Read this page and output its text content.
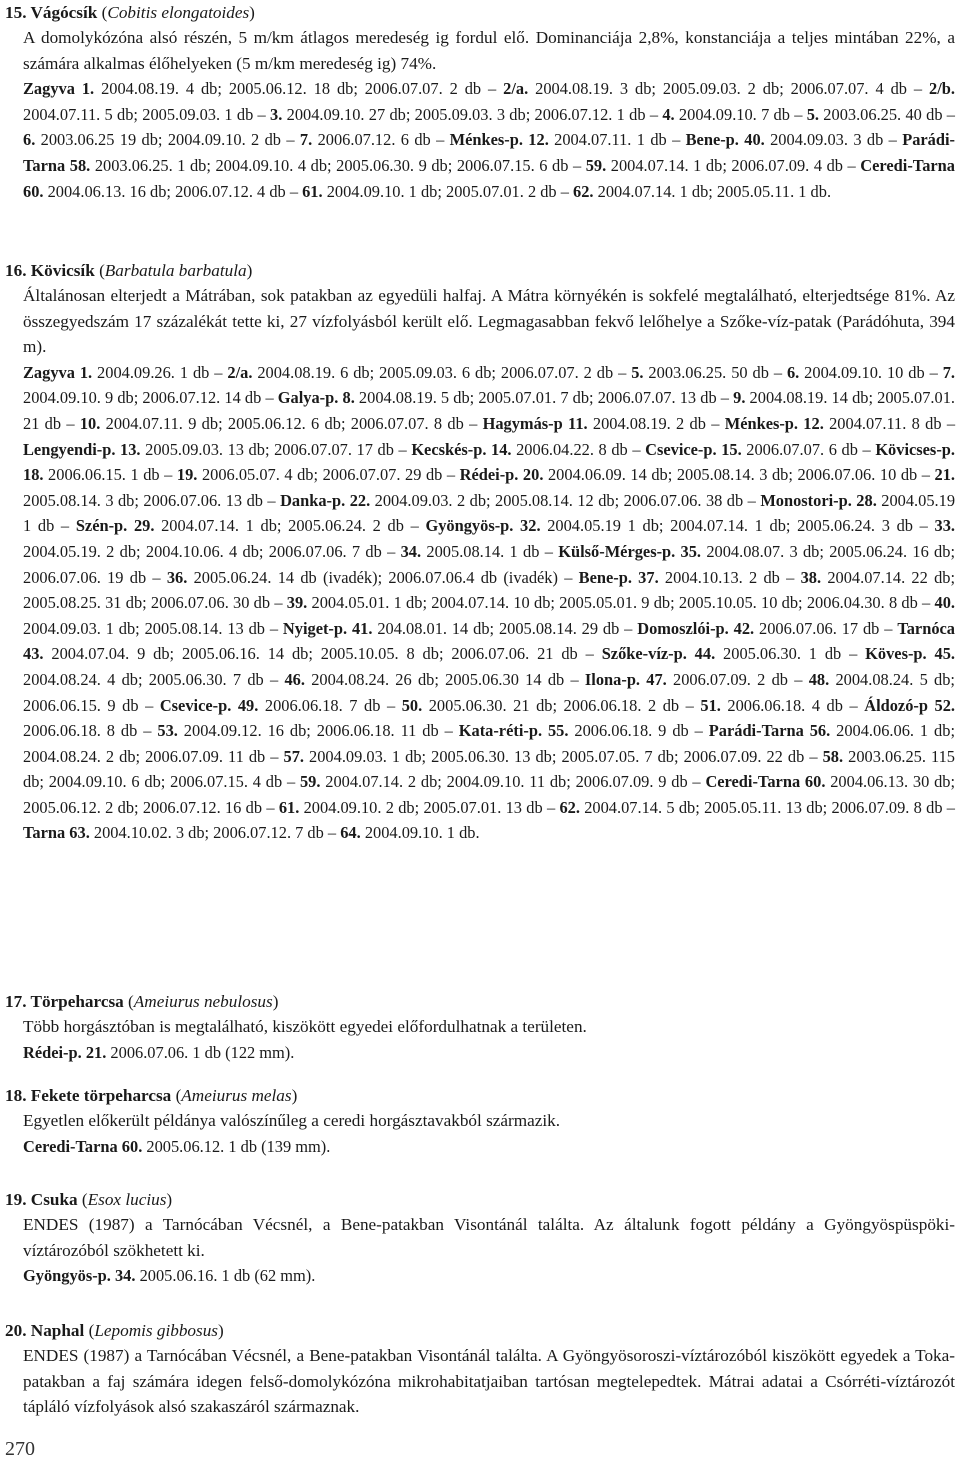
15. Vágócsík (Cobitis elongatoides)

A domolykózóna alsó részén, 5 m/km átlagos meredeség ig fordul elő. Dominanciája 2,8%, konstanciája a teljes mintában 22%, a számára alkalmas élőhelyeken (5 m/km meredeség ig) 74%.

Zagyva 1. 2004.08.19. 4 db; 2005.06.12. 18 db; 2006.07.07. 2 db – 2/a. 2004.08.19. 3 db; 2005.09.03. 2 db; 2006.07.07. 4 db – 2/b. 2004.07.11. 5 db; 2005.09.03. 1 db – 3. 2004.09.10. 27 db; 2005.09.03. 3 db; 2006.07.12. 1 db – 4. 2004.09.10. 7 db – 5. 2003.06.25. 40 db – 6. 2003.06.25 19 db; 2004.09.10. 2 db – 7. 2006.07.12. 6 db – Ménkes-p. 12. 2004.07.11. 1 db – Bene-p. 40. 2004.09.03. 3 db – Parádi-Tarna 58. 2003.06.25. 1 db; 2004.09.10. 4 db; 2005.06.30. 9 db; 2006.07.15. 6 db – 59. 2004.07.14. 1 db; 2006.07.09. 4 db – Ceredi-Tarna 60. 2004.06.13. 16 db; 2006.07.12. 4 db – 61. 2004.09.10. 1 db; 2005.07.01. 2 db – 62. 2004.07.14. 1 db; 2005.05.11. 1 db.
16. Kövicsík (Barbatula barbatula)

Általánosan elterjedt a Mátrában, sok patakban az egyedüli halfaj. A Mátra környékén is sokfelé megtalálható, elterjedtsége 81%. Az összegyedszám 17 százalékát tette ki, 27 vízfolyásból került elő. Legmagasabban fekvő lelőhelye a Szőke-víz-patak (Parádóhuta, 394 m).

Zagyva 1. 2004.09.26. 1 db – 2/a. 2004.08.19. 6 db; 2005.09.03. 6 db; 2006.07.07. 2 db – 5. 2003.06.25. 50 db – 6. 2004.09.10. 10 db – 7. 2004.09.10. 9 db; 2006.07.12. 14 db – Galya-p. 8. 2004.08.19. 5 db; 2005.07.01. 7 db; 2006.07.07. 13 db – 9. 2004.08.19. 14 db; 2005.07.01. 21 db – 10. 2004.07.11. 9 db; 2005.06.12. 6 db; 2006.07.07. 8 db – Hagymás-p 11. 2004.08.19. 2 db – Ménkes-p. 12. 2004.07.11. 8 db – Lengyendi-p. 13. 2005.09.03. 13 db; 2006.07.07. 17 db – Kecskés-p. 14. 2006.04.22. 8 db – Csevice-p. 15. 2006.07.07. 6 db – Kövicses-p. 18. 2006.06.15. 1 db – 19. 2006.05.07. 4 db; 2006.07.07. 29 db – Rédei-p. 20. 2004.06.09. 14 db; 2005.08.14. 3 db; 2006.07.06. 10 db – 21. 2005.08.14. 3 db; 2006.07.06. 13 db – Danka-p. 22. 2004.09.03. 2 db; 2005.08.14. 12 db; 2006.07.06. 38 db – Monostori-p. 28. 2004.05.19 1 db – Szén-p. 29. 2004.07.14. 1 db; 2005.06.24. 2 db – Gyöngyös-p. 32. 2004.05.19 1 db; 2004.07.14. 1 db; 2005.06.24. 3 db – 33. 2004.05.19. 2 db; 2004.10.06. 4 db; 2006.07.06. 7 db – 34. 2005.08.14. 1 db – Külső-Mérges-p. 35. 2004.08.07. 3 db; 2005.06.24. 16 db; 2006.07.06. 19 db – 36. 2005.06.24. 14 db (ivadék); 2006.07.06.4 db (ivadék) – Bene-p. 37. 2004.10.13. 2 db – 38. 2004.07.14. 22 db; 2005.08.25. 31 db; 2006.07.06. 30 db – 39. 2004.05.01. 1 db; 2004.07.14. 10 db; 2005.05.01. 9 db; 2005.10.05. 10 db; 2006.04.30. 8 db – 40. 2004.09.03. 1 db; 2005.08.14. 13 db – Nyiget-p. 41. 204.08.01. 14 db; 2005.08.14. 29 db – Domoszlói-p. 42. 2006.07.06. 17 db – Tarnóca 43. 2004.07.04. 9 db; 2005.06.16. 14 db; 2005.10.05. 8 db; 2006.07.06. 21 db – Szőke-víz-p. 44. 2005.06.30. 1 db – Köves-p. 45. 2004.08.24. 4 db; 2005.06.30. 7 db – 46. 2004.08.24. 26 db; 2005.06.30 14 db – Ilona-p. 47. 2006.07.09. 2 db – 48. 2004.08.24. 5 db; 2006.06.15. 9 db – Csevice-p. 49. 2006.06.18. 7 db – 50. 2005.06.30. 21 db; 2006.06.18. 2 db – 51. 2006.06.18. 4 db – Áldozó-p 52. 2006.06.18. 8 db – 53. 2004.09.12. 16 db; 2006.06.18. 11 db – Kata-réti-p. 55. 2006.06.18. 9 db – Parádi-Tarna 56. 2004.06.06. 1 db; 2004.08.24. 2 db; 2006.07.09. 11 db – 57. 2004.09.03. 1 db; 2005.06.30. 13 db; 2005.07.05. 7 db; 2006.07.09. 22 db – 58. 2003.06.25. 115 db; 2004.09.10. 6 db; 2006.07.15. 4 db – 59. 2004.07.14. 2 db; 2004.09.10. 11 db; 2006.07.09. 9 db – Ceredi-Tarna 60. 2004.06.13. 30 db; 2005.06.12. 2 db; 2006.07.12. 16 db – 61. 2004.09.10. 2 db; 2005.07.01. 13 db – 62. 2004.07.14. 5 db; 2005.05.11. 13 db; 2006.07.09. 8 db – Tarna 63. 2004.10.02. 3 db; 2006.07.12. 7 db – 64. 2004.09.10. 1 db.
17. Törpeharcsa (Ameiurus nebulosus)

Több horgásztóban is megtalálható, kiszökött egyedei előfordulhatnak a területen.

Rédei-p. 21. 2006.07.06. 1 db (122 mm).
18. Fekete törpeharcsa (Ameiurus melas)

Egyetlen előkerült példánya valószínűleg a ceredi horgásztavakból származik.

Ceredi-Tarna 60. 2005.06.12. 1 db (139 mm).
19. Csuka (Esox lucius)

ENDES (1987) a Tarnócában Vécsnél, a Bene-patakban Visontánál találta. Az általunk fogott példány a Gyöngyöspüspöki-víztározóból szökhetett ki.

Gyöngyös-p. 34. 2005.06.16. 1 db (62 mm).
20. Naphal (Lepomis gibbosus)

ENDES (1987) a Tarnócában Vécsnél, a Bene-patakban Visontánál találta. A Gyöngyösoroszi-víztározóból kiszökött egyedek a Toka-patakban a faj számára idegen felső-domolykózóna mikrohabitatjaiban tartósan megtelepedtek. Mátrai adatai a Csórréti-víztározót tápláló vízfolyások alsó szakaszáról származnak.

270
